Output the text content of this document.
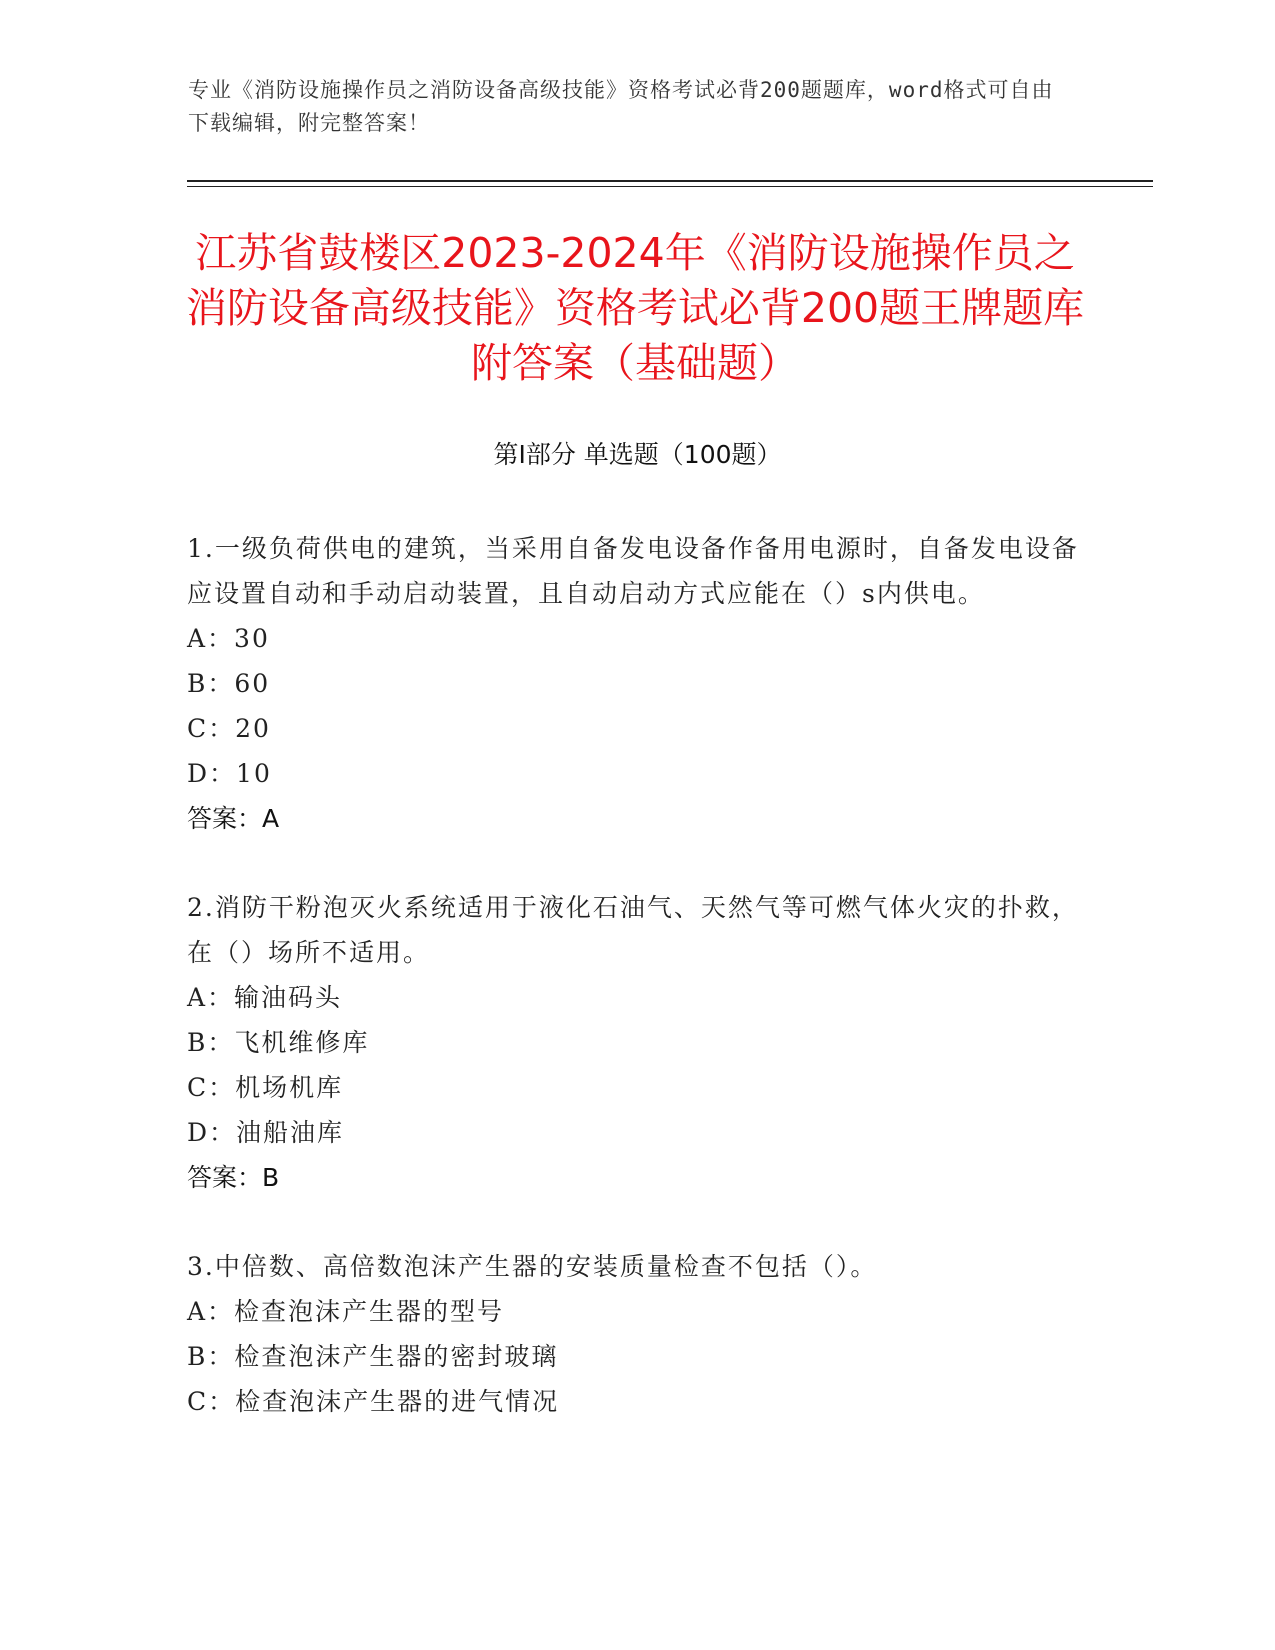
专业《消防设施操作员之消防设备高级技能》资格考试必背200题题库，word格式可自由下载编辑，附完整答案！
江苏省鼓楼区2023-2024年《消防设施操作员之消防设备高级技能》资格考试必背200题王牌题库附答案（基础题）
第Ⅰ部分 单选题（100题）
1.一级负荷供电的建筑，当采用自备发电设备作备用电源时，自备发电设备应设置自动和手动启动装置，且自动启动方式应能在（）s内供电。
A：30
B：60
C：20
D：10
答案：A
2.消防干粉泡灭火系统适用于液化石油气、天然气等可燃气体火灾的扑救，在（）场所不适用。
A：输油码头
B：飞机维修库
C：机场机库
D：油船油库
答案：B
3.中倍数、高倍数泡沫产生器的安装质量检查不包括（）。
A：检查泡沫产生器的型号
B：检查泡沫产生器的密封玻璃
C：检查泡沫产生器的进气情况
